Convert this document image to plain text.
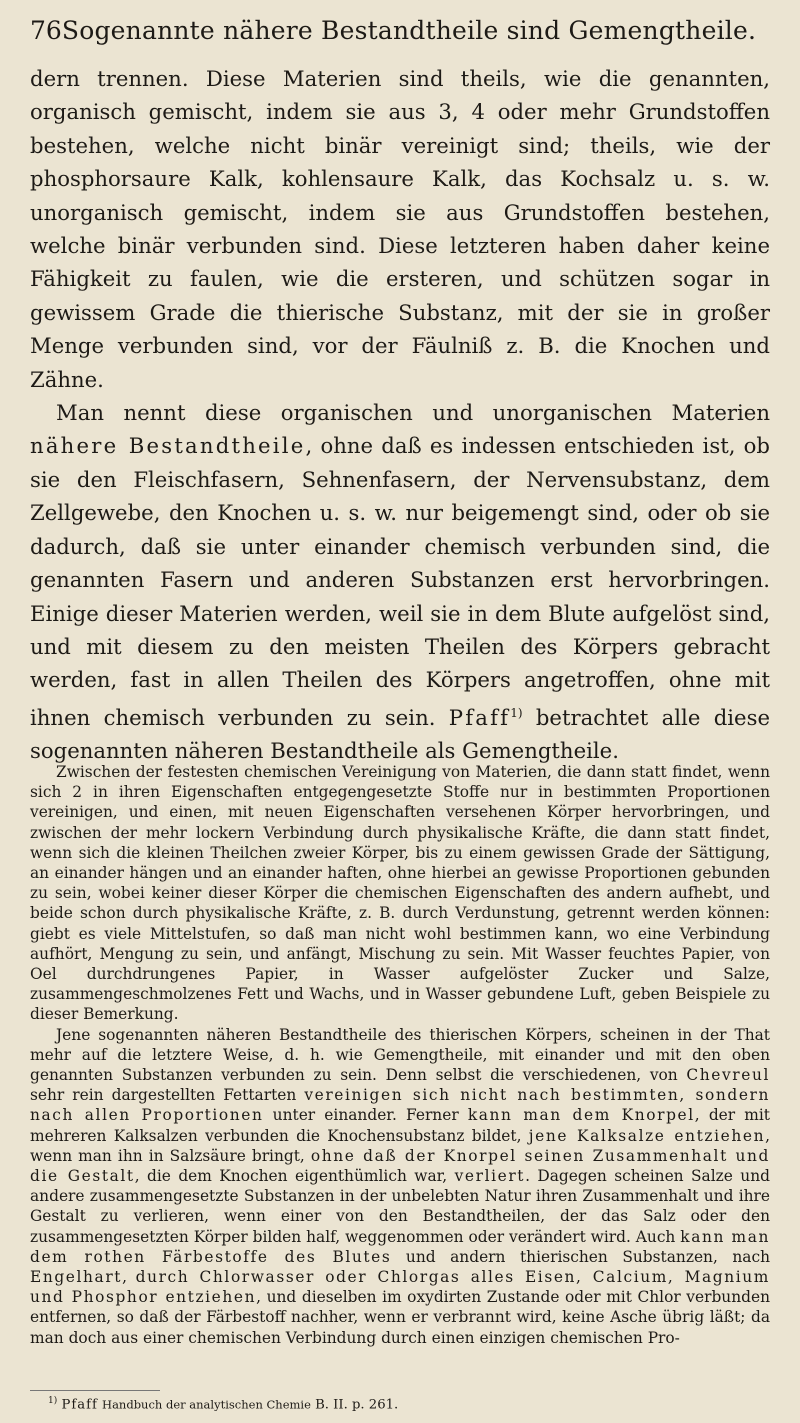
76 Sogenannte nähere Bestandtheile sind Gemengtheile.

dern trennen. Diese Materien sind theils, wie die genannten, organisch gemischt, indem sie aus 3, 4 oder mehr Grundstoffen bestehen, welche nicht binär vereinigt sind; theils, wie der phosphorsaure Kalk, kohlensaure Kalk, das Kochsalz u. s. w. unorganisch gemischt, indem sie aus Grundstoffen bestehen, welche binär verbunden sind. Diese letzteren haben daher keine Fähigkeit zu faulen, wie die ersteren, und schützen sogar in gewissem Grade die thierische Substanz, mit der sie in großer Menge verbunden sind, vor der Fäulniß z. B. die Knochen und Zähne.

Man nennt diese organischen und unorganischen Materien nähere Bestandtheile, ohne daß es indessen entschieden ist, ob sie den Fleischfasern, Sehnenfasern, der Nervensubstanz, dem Zellgewebe, den Knochen u. s. w. nur beigemengt sind, oder ob sie dadurch, daß sie unter einander chemisch verbunden sind, die genannten Fasern und anderen Substanzen erst hervorbringen. Einige dieser Materien werden, weil sie in dem Blute aufgelöst sind, und mit diesem zu den meisten Theilen des Körpers gebracht werden, fast in allen Theilen des Körpers angetroffen, ohne mit ihnen chemisch verbunden zu sein. Pfaff$^{1)}$ betrachtet alle diese sogenannten näheren Bestandtheile als Gemengtheile.

Zwischen der festesten chemischen Vereinigung von Materien, die dann statt findet, wenn sich 2 in ihren Eigenschaften entgegengesetzte Stoffe nur in bestimmten Proportionen vereinigen, und einen, mit neuen Eigenschaften versehenen Körper hervorbringen, und zwischen der mehr lockern Verbindung durch physikalische Kräfte, die dann statt findet, wenn sich die kleinen Theilchen zweier Körper, bis zu einem gewissen Grade der Sättigung, an einander hängen und an einander haften, ohne hierbei an gewisse Proportionen gebunden zu sein, wobei keiner dieser Körper die chemischen Eigenschaften des andern aufhebt, und beide schon durch physikalische Kräfte, z. B. durch Verdunstung, getrennt werden können: giebt es viele Mittelstufen, so daß man nicht wohl bestimmen kann, wo eine Verbindung aufhört, Mengung zu sein, und anfängt, Mischung zu sein. Mit Wasser feuchtes Papier, von Oel durchdrungenes Papier, in Wasser aufgelöster Zucker und Salze, zusammengeschmolzenes Fett und Wachs, und in Wasser gebundene Luft, geben Beispiele zu dieser Bemerkung.

Jene sogenannten näheren Bestandtheile des thierischen Körpers, scheinen in der That mehr auf die letztere Weise, d. h. wie Gemengtheile, mit einander und mit den oben genannten Substanzen verbunden zu sein. Denn selbst die verschiedenen, von Chevreul sehr rein dargestellten Fettarten vereinigen sich nicht nach bestimmten, sondern nach allen Proportionen unter einander. Ferner kann man dem Knorpel, der mit mehreren Kalksalzen verbunden die Knochensubstanz bildet, jene Kalksalze entziehen, wenn man ihn in Salzsäure bringt, ohne daß der Knorpel seinen Zusammenhalt und die Gestalt, die dem Knochen eigenthümlich war, verliert. Dagegen scheinen Salze und andere zusammengesetzte Substanzen in der unbelebten Natur ihren Zusammenhalt und ihre Gestalt zu verlieren, wenn einer von den Bestandtheilen, der das Salz oder den zusammengesetzten Körper bilden half, weggenommen oder verändert wird. Auch kann man dem rothen Färbestoffe des Blutes und andern thierischen Substanzen, nach Engelhart, durch Chlorwasser oder Chlorgas alles Eisen, Calcium, Magnium und Phosphor entziehen, und dieselben im oxydirten Zustande oder mit Chlor verbunden entfernen, so daß der Färbestoff nachher, wenn er verbrannt wird, keine Asche übrig läßt; da man doch aus einer chemischen Verbindung durch einen einzigen chemischen Pro-

$^{1)}$ Pfaff Handbuch der analytischen Chemie B. II. p. 261.
